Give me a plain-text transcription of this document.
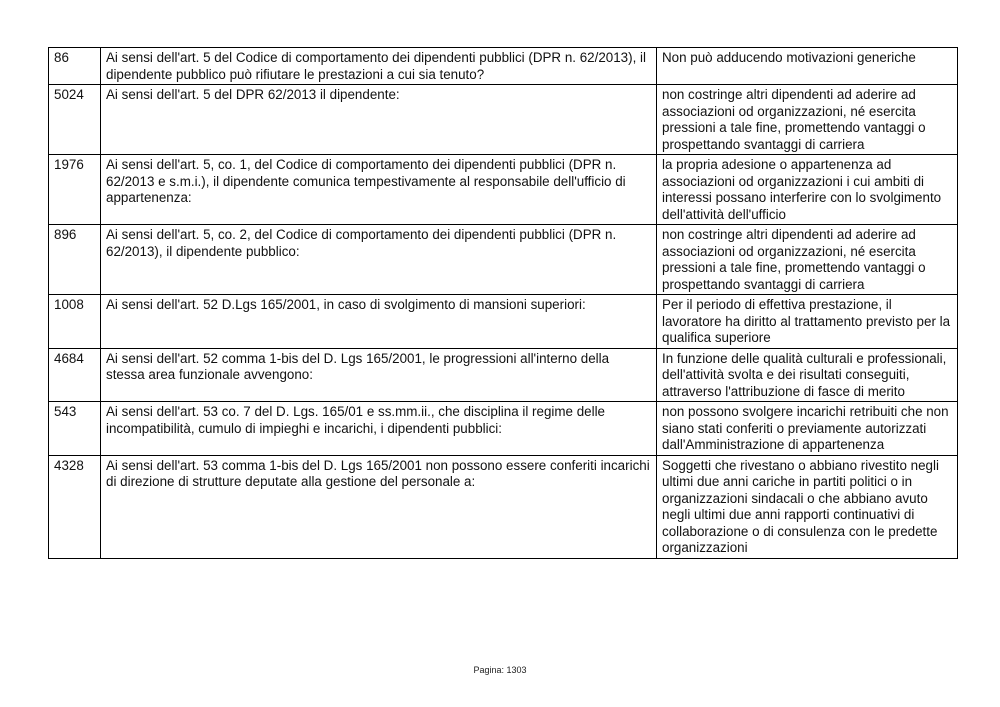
86	Ai sensi dell'art. 5 del Codice di comportamento dei dipendenti pubblici (DPR n. 62/2013), il dipendente pubblico può rifiutare le prestazioni a cui sia tenuto?	Non può adducendo motivazioni generiche
5024	Ai sensi dell'art. 5 del DPR 62/2013 il dipendente:	non costringe altri dipendenti ad aderire ad associazioni od organizzazioni, né esercita pressioni a tale fine, promettendo vantaggi o prospettando svantaggi di carriera
1976	Ai sensi dell'art. 5, co. 1, del Codice di comportamento dei dipendenti pubblici (DPR n. 62/2013 e s.m.i.), il dipendente comunica tempestivamente al responsabile dell'ufficio di appartenenza:	la propria adesione o appartenenza ad associazioni od organizzazioni i cui ambiti di interessi possano interferire con lo svolgimento dell'attività dell'ufficio
896	Ai sensi dell'art. 5, co. 2, del Codice di comportamento dei dipendenti pubblici (DPR n. 62/2013), il dipendente pubblico:	non costringe altri dipendenti ad aderire ad associazioni od organizzazioni, né esercita pressioni a tale fine, promettendo vantaggi o prospettando svantaggi di carriera
1008	Ai sensi dell'art. 52 D.Lgs 165/2001, in caso di svolgimento di mansioni superiori:	Per il periodo di effettiva prestazione, il lavoratore ha diritto al trattamento previsto per la qualifica superiore
4684	Ai sensi dell'art. 52 comma 1-bis del D. Lgs 165/2001, le progressioni all'interno della stessa area funzionale avvengono:	In funzione delle qualità culturali e professionali, dell'attività svolta e dei risultati conseguiti, attraverso l'attribuzione di fasce di merito
543	Ai sensi dell'art. 53 co. 7 del D. Lgs. 165/01 e ss.mm.ii., che disciplina il regime delle incompatibilità, cumulo di impieghi e incarichi, i dipendenti pubblici:	non possono svolgere incarichi retribuiti che non siano stati conferiti o previamente autorizzati dall'Amministrazione di appartenenza
4328	Ai sensi dell'art. 53 comma 1-bis del D. Lgs 165/2001 non possono essere conferiti incarichi di direzione di strutture deputate alla gestione del personale a:	Soggetti che rivestano o abbiano rivestito negli ultimi due anni cariche in partiti politici o in organizzazioni sindacali o che abbiano avuto negli ultimi due anni rapporti continuativi di collaborazione o di consulenza con le predette organizzazioni
Pagina: 1303
